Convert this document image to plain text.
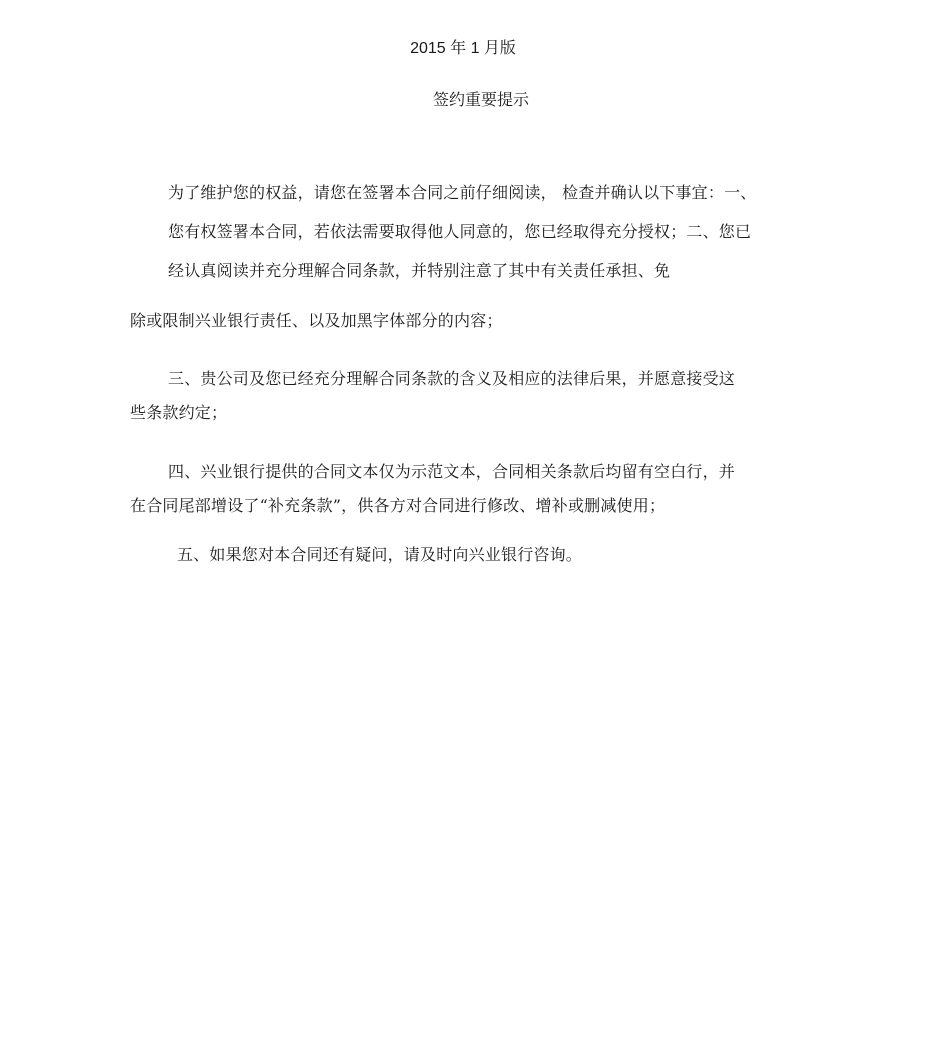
2015 年 1 月版
签约重要提示
为了维护您的权益，请您在签署本合同之前仔细阅读， 检查并确认以下事宜：一、
您有权签署本合同，若依法需要取得他人同意的，您已经取得充分授权；二、您已
经认真阅读并充分理解合同条款，并特别注意了其中有关责任承担、免
除或限制兴业银行责任、以及加黑字体部分的内容；
三、贵公司及您已经充分理解合同条款的含义及相应的法律后果，并愿意接受这
些条款约定；
四、兴业银行提供的合同文本仅为示范文本，合同相关条款后均留有空白行，并
在合同尾部增设了“补充条款”，供各方对合同进行修改、增补或删减使用；
五、如果您对本合同还有疑问，请及时向兴业银行咨询。
